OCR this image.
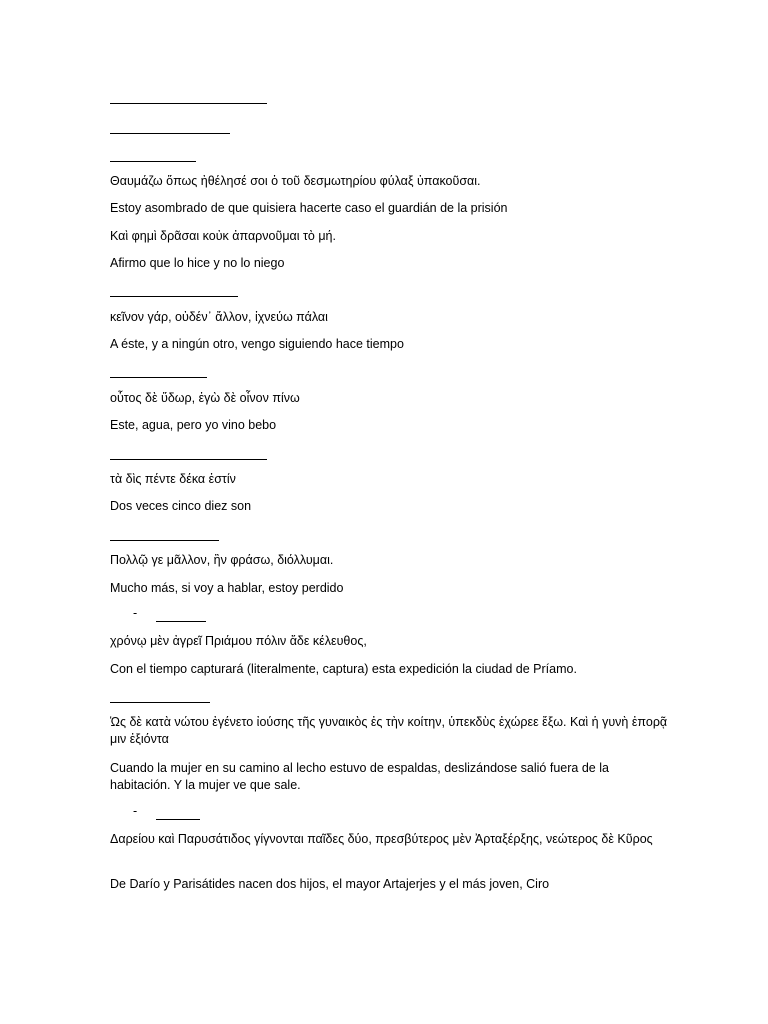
Θαυμάζω ὅπως ἠθέλησέ σοι ὁ τοῦ δεσμωτηρίου φύλαξ ὑπακοῦσαι.
Estoy asombrado de que quisiera hacerte caso el guardián de la prisión
Καὶ φημὶ δρᾶσαι κοὐκ ἀπαρνοῦμαι τὸ μή.
Afirmo que lo hice y no lo niego
κεῖνον γάρ, οὐδέν᾽ ἄλλον, ἰχνεύω πάλαι
A éste, y a ningún otro, vengo siguiendo hace tiempo
οὗτος δὲ ὕδωρ, ἐγὼ δὲ οἶνον πίνω
Este, agua, pero yo vino bebo
τὰ δὶς πέντε δέκα ἐστίν
Dos veces cinco diez son
Πολλῷ γε μᾶλλον, ἢν φράσω, διόλλυμαι.
Mucho más, si voy a hablar, estoy perdido
-
χρόνῳ μὲν ἀγρεῖ Πριάμου πόλιν ἅδε κέλευθος,
Con el tiempo capturará (literalmente, captura) esta expedición la ciudad de Príamo.
Ὡς δὲ κατὰ νώτου ἐγένετο ἰούσης τῆς γυναικὸς ἐς τὴν κοίτην, ὑπεκδὺς ἐχώρεε ἔξω. Καὶ ἡ γυνὴ ἐπορᾷ μιν ἐξιόντα
Cuando la mujer en su camino al lecho estuvo de espaldas, deslizándose salió fuera de la habitación. Y la mujer ve que sale.
-
Δαρείου καὶ Παρυσάτιδος γίγνονται παῖδες δύο, πρεσβύτερος μὲν Ἀρταξέρξης, νεώτερος δὲ Κῦρος
De Darío y Parisátides nacen dos hijos, el mayor Artajerjes y el más joven, Ciro
